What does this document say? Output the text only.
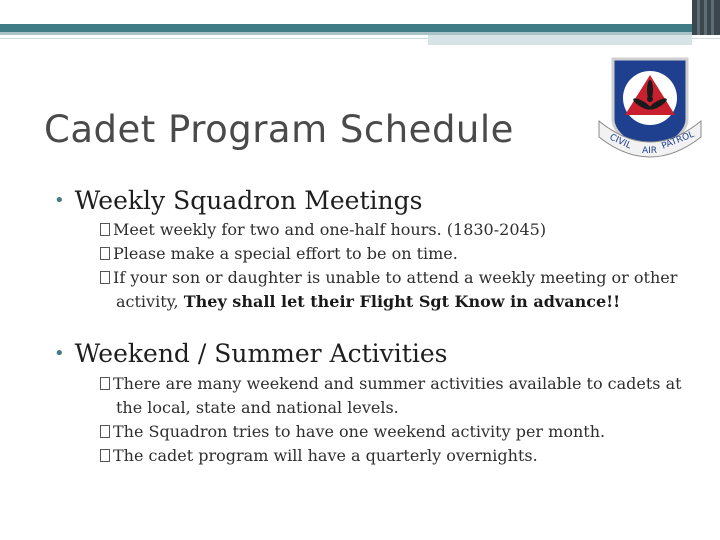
Cadet Program Schedule	CIVIL AIR PATROL
• Weekly Squadron Meetings
Meet weekly for two and one-half hours. (1830-2045)
Please make a special effort to be on time.
If your son or daughter is unable to attend a weekly meeting or other
activity, They shall let their Flight Sgt Know in advance!!
• Weekend / Summer Activities
There are many weekend and summer activities available to cadets at
the local, state and national levels.
The Squadron tries to have one weekend activity per month.
The cadet program will have a quarterly overnights.
